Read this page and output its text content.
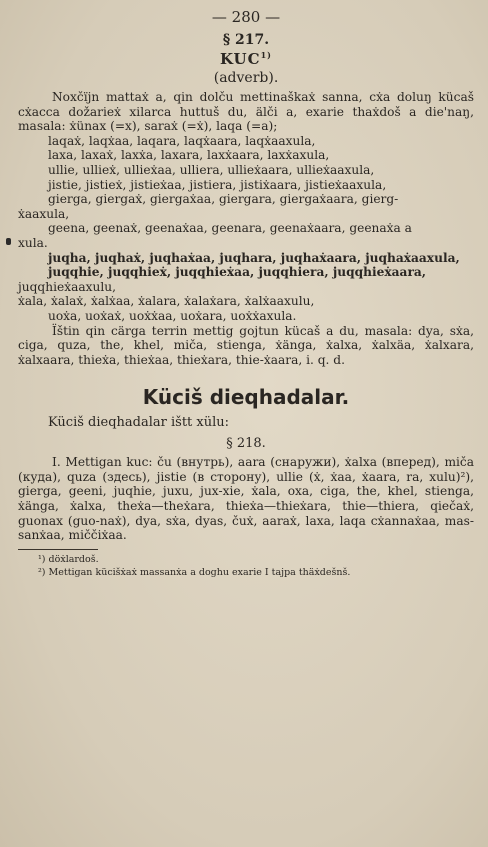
— 280 —
§ 217.
KUC$^{1)}$
(adverb).

Noxčïjn mattaẋ a, qin dolču mettinaškaẋ sanna, cẋa doluŋ kücaš cẋacca dožarieẋ xilarca huttuš du, älči a, exarie thaẋdoš a die'naŋ, masala: ẋünax (=x), saraẋ (=ẋ), laqa (=a);

laqaẋ, laqẋaa, laqara, laqẋaara, laqẋaaxula,
laxa, laxaẋ, laxẋa, laxara, laxẋaara, laxẋaxula,
ullie, ullieẋ, ullieẋaa, ulliera, ullieẋaara, ullieẋaaxula,
jistie, jistieẋ, jistieẋaa, jistiera, jistiẋaara, jistieẋaaxula,
gierga, giergaẋ, giergaẋaa, giergara, giergaẋaara, gierg-
ẋaaxula,
geena, geenaẋ, geenaẋaa, geenara, geenaẋaara, geenaẋa a
xula.
juqha, juqhaẋ, juqhaẋaa, juqhara, juqhaẋaara, juqhaẋaaxula,
juqqhie, juqqhieẋ, juqqhieẋaa, juqqhiera, juqqhieẋaara,
juqqhieẋaaxulu,
ẋala, ẋalaẋ, ẋalẋaa, ẋalara, ẋalaẋara, ẋalẋaaxulu,
uoẋa, uoẋaẋ, uoẋẋaa, uoẋara, uoẋẋaxula.

Ïštin qin cärga terrin mettig gojtun kücaš a du, masala: dya, sẋa, ciga, quza, the, khel, miča, stienga, ẋänga, ẋalxa, ẋalxäa, ẋalxara, ẋalxaara, thieẋa, thieẋaa, thieẋara, thie-ẋaara, i. q. d.

Küciš dieqhadalar.
Küciš dieqhadalar ištt xülu:
§ 218.

I. Mettigan kuc: ču (внутрь), aara (снаружи), ẋalxa (вперед), miča (куда), quza (здесь), jistie (в сторону), ullie (ẋ, ẋaa, ẋaara, ra, xulu)²), gierga, geeni, juqhie, juxu, jux-xie, ẋala, oxa, ciga, the, khel, stienga, ẋänga, ẋalxa, theẋa—theẋara, thieẋa—thieẋara, thie—thiera, qiečaẋ, guonax (guo-naẋ), dya, sẋa, dyas, čuẋ, aaraẋ, laxa, laqa cẋannaẋaa, mas-sanẋaa, miččiẋaa.

¹) döẋlardoš.
²) Mettigan kücišẋaẋ massanẋa a doghu exarie I tajpa thäẋdešnš.
